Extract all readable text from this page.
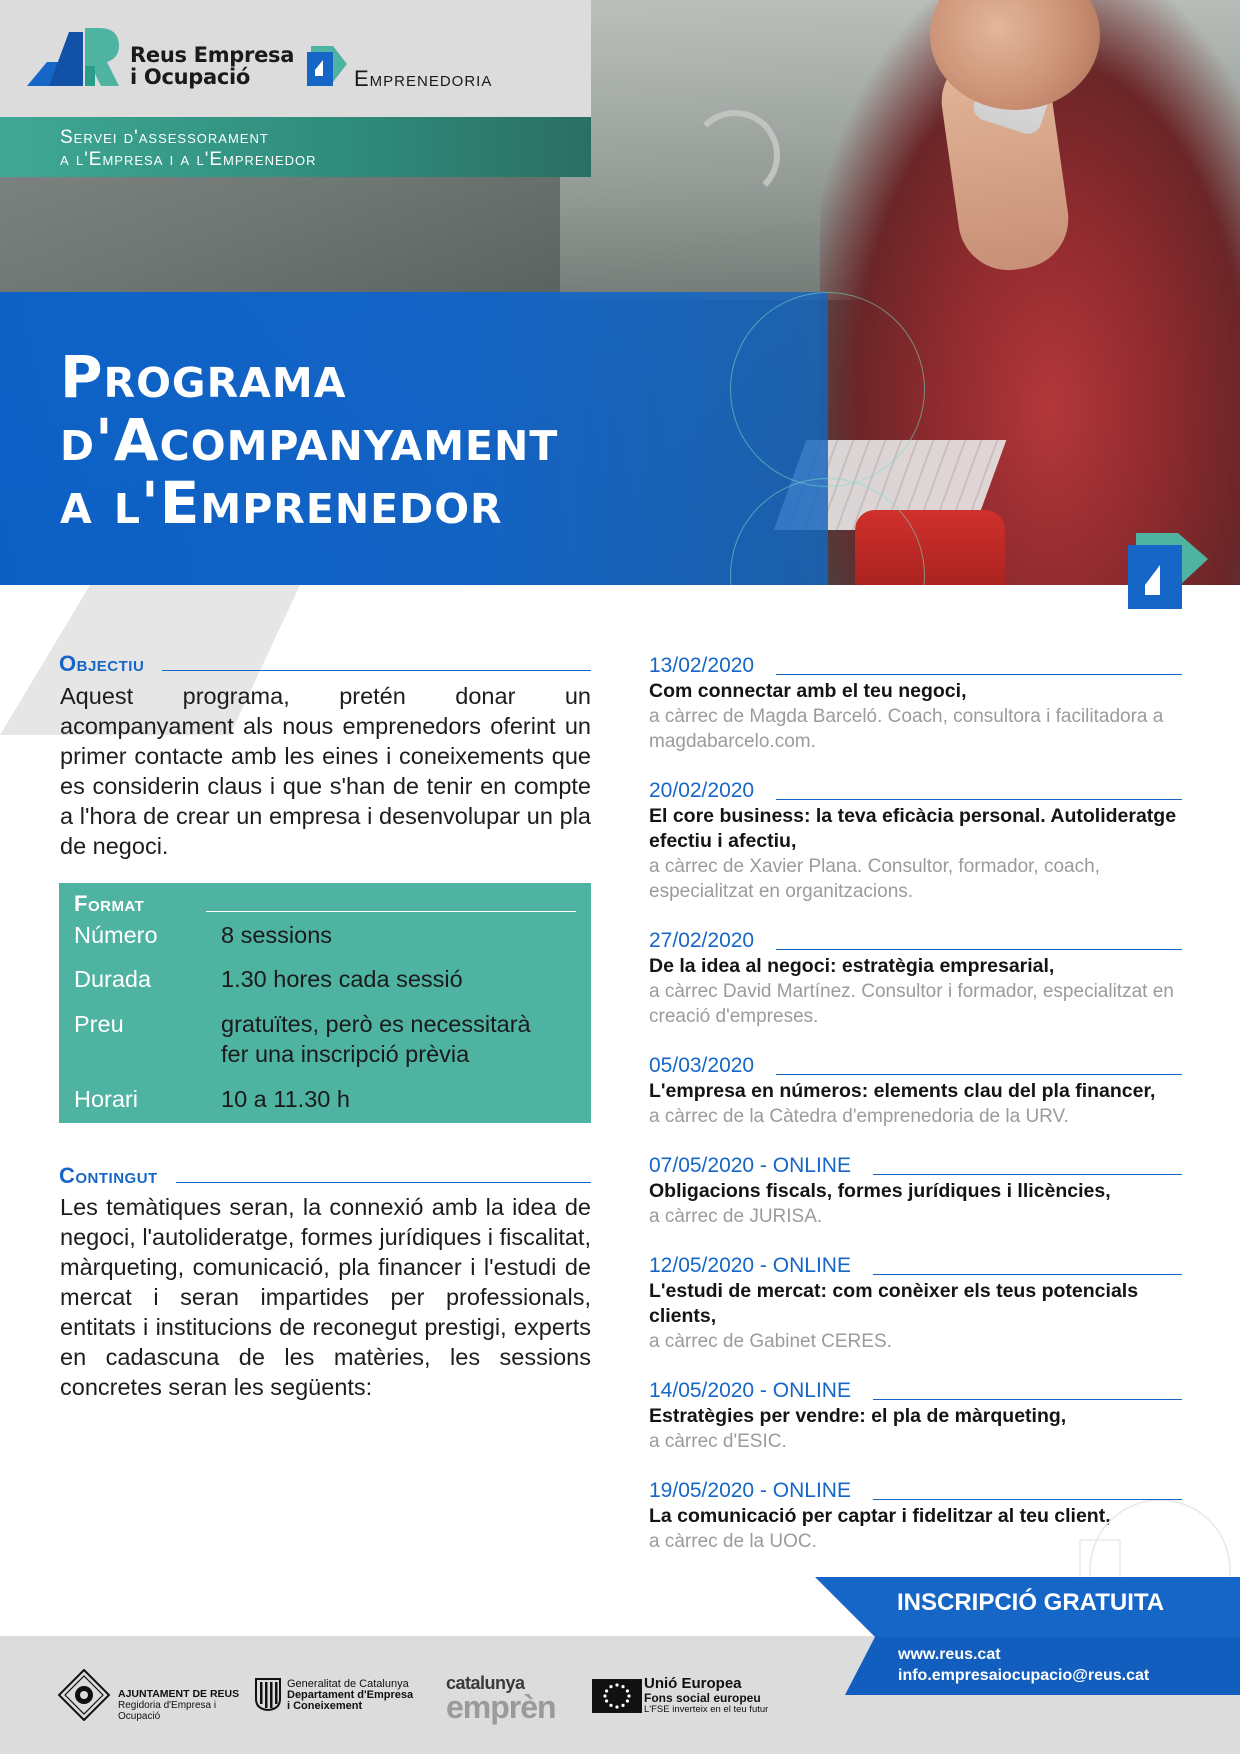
Reus Empresa
i Ocupació	Emprenedoria
Servei d'assessorament
a l'Empresa i a l'Emprenedor
Programa
d'Acompanyament
a l'Emprenedor
Objectiu
Aquest programa, pretén donar un acompanyament als nous emprenedors oferint un primer contacte amb les eines i coneixements que es considerin claus i que s'han de tenir en compte a l'hora de crear un empresa i desenvolupar un pla de negoci.
Format
Número	8 sessions
Durada	1.30 hores cada sessió
Preu	gratuïtes, però es necessitarà
fer una inscripció prèvia
Horari	10 a 11.30 h
Contingut
Les temàtiques seran, la connexió amb la idea de negoci, l'autolideratge, formes jurídiques i fiscalitat, màrqueting, comunicació, pla financer i l'estudi de mercat i seran impartides per professionals, entitats i institucions de reconegut prestigi, experts en cadascuna de les matèries, les sessions concretes seran les següents:
13/02/2020
Com connectar amb el teu negoci,
a càrrec de Magda Barceló. Coach, consultora i facilitadora a magdabarcelo.com.
20/02/2020
El core business: la teva eficàcia personal. Autolideratge efectiu i afectiu,
a càrrec de Xavier Plana. Consultor, formador, coach, especialitzat en organitzacions.
27/02/2020
De la idea al negoci: estratègia empresarial,
a càrrec David Martínez. Consultor i formador, especialitzat en creació d'empreses.
05/03/2020
L'empresa en números: elements clau del pla financer,
a càrrec de la Càtedra d'emprenedoria de la URV.
07/05/2020 - ONLINE
Obligacions fiscals, formes jurídiques i llicències,
a càrrec de JURISA.
12/05/2020 - ONLINE
L'estudi de mercat: com conèixer els teus potencials clients,
a càrrec de Gabinet CERES.
14/05/2020 - ONLINE
Estratègies per vendre: el pla de màrqueting,
a càrrec d'ESIC.
19/05/2020 - ONLINE
La comunicació per captar i fidelitzar al teu client,
a càrrec de la UOC.
INSCRIPCIÓ GRATUITA
www.reus.cat
info.empresaiocupacio@reus.cat
AJUNTAMENT DE REUS
Regidoria d'Empresa i
Ocupació
Generalitat de Catalunya
Departament d'Empresa
i Coneixement
catalunya
emprèn
Unió Europea
Fons social europeu
L'FSE inverteix en el teu futur
